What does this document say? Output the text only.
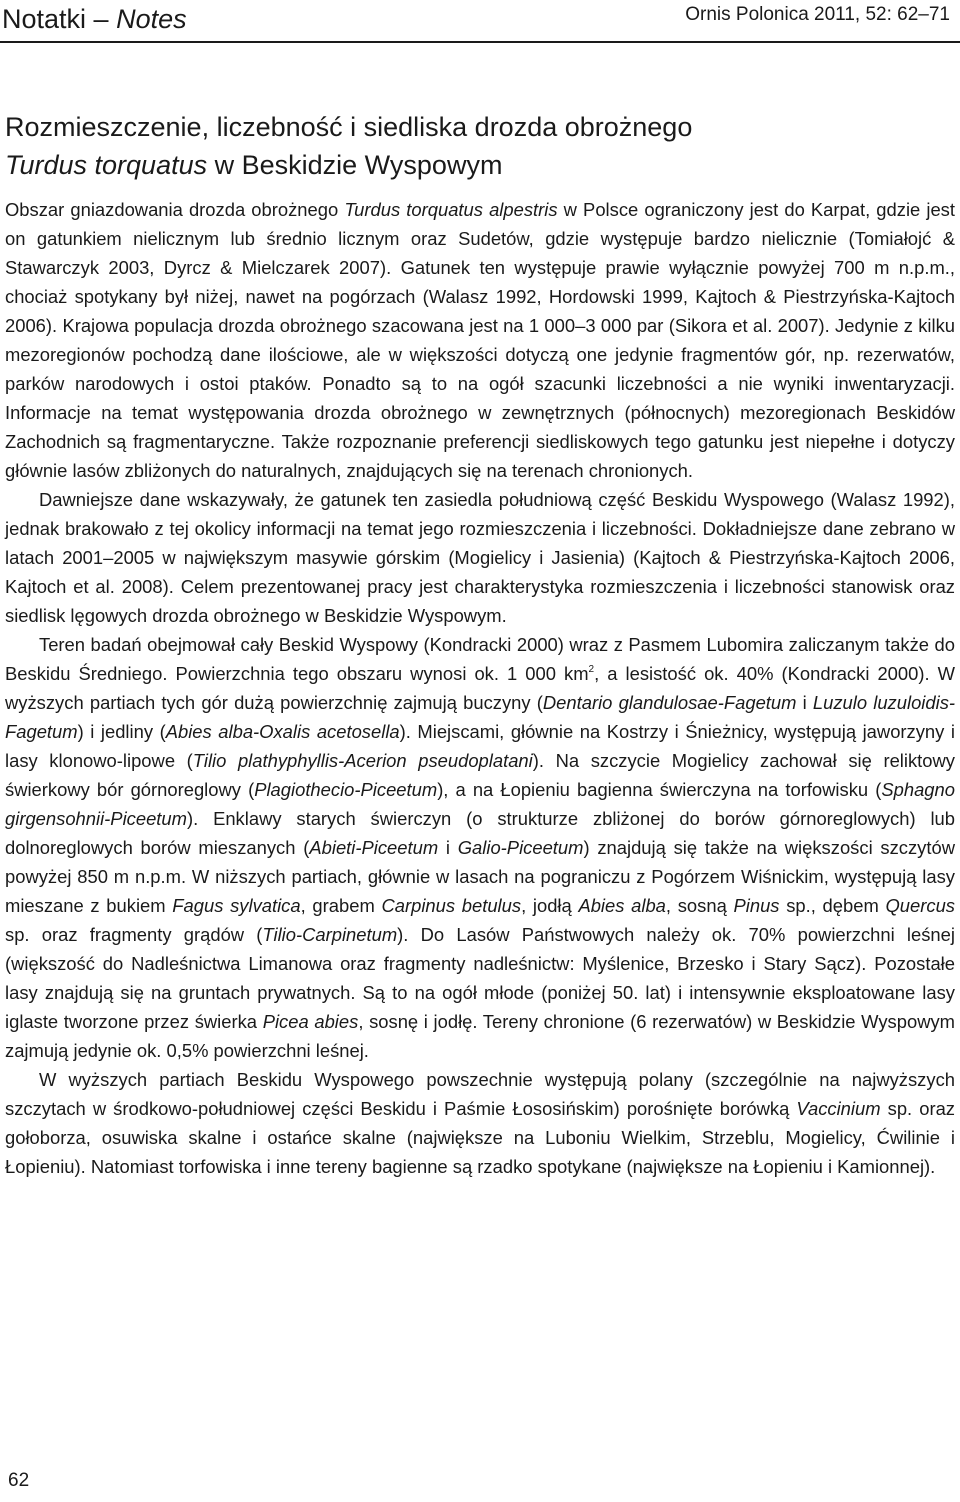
Notatki – Notes	Ornis Polonica 2011, 52: 62–71
Rozmieszczenie, liczebność i siedliska drozda obrożnego
Turdus torquatus w Beskidzie Wyspowym

Obszar gniazdowania drozda obrożnego Turdus torquatus alpestris w Polsce ograniczony jest do Karpat, gdzie jest on gatunkiem nielicznym lub średnio licznym oraz Sudetów, gdzie występuje bardzo nielicznie (Tomiałojć & Stawarczyk 2003, Dyrcz & Mielczarek 2007). Gatunek ten występuje prawie wyłącznie powyżej 700 m n.p.m., chociaż spotykany był niżej, nawet na pogórzach (Walasz 1992, Hordowski 1999, Kajtoch & Piestrzyńska-Kajtoch 2006). Krajowa populacja drozda obrożnego szacowana jest na 1 000–3 000 par (Sikora et al. 2007). Jedynie z kilku mezoregionów pochodzą dane ilościowe, ale w większości dotyczą one jedynie fragmentów gór, np. rezerwatów, parków narodowych i ostoi ptaków. Ponadto są to na ogół szacunki liczebności a nie wyniki inwentaryzacji. Informacje na temat występowania drozda obrożnego w zewnętrznych (północnych) mezoregionach Beskidów Zachodnich są fragmentaryczne. Także rozpoznanie preferencji siedliskowych tego gatunku jest niepełne i dotyczy głównie lasów zbliżonych do naturalnych, znajdujących się na terenach chronionych.

Dawniejsze dane wskazywały, że gatunek ten zasiedla południową część Beskidu Wyspowego (Walasz 1992), jednak brakowało z tej okolicy informacji na temat jego rozmieszczenia i liczebności. Dokładniejsze dane zebrano w latach 2001–2005 w największym masywie górskim (Mogielicy i Jasienia) (Kajtoch & Piestrzyńska-Kajtoch 2006, Kajtoch et al. 2008). Celem prezentowanej pracy jest charakterystyka rozmieszczenia i liczebności stanowisk oraz siedlisk lęgowych drozda obrożnego w Beskidzie Wyspowym.

Teren badań obejmował cały Beskid Wyspowy (Kondracki 2000) wraz z Pasmem Lubomira zaliczanym także do Beskidu Średniego. Powierzchnia tego obszaru wynosi ok. 1 000 $km^2$, a lesistość ok. 40% (Kondracki 2000). W wyższych partiach tych gór dużą powierzchnię zajmują buczyny (Dentario glandulosae-Fagetum i Luzulo luzuloidis-Fagetum) i jedliny (Abies alba-Oxalis acetosella). Miejscami, głównie na Kostrzy i Śnieżnicy, występują jaworzyny i lasy klonowo-lipowe (Tilio plathyphyllis-Acerion pseudoplatani). Na szczycie Mogielicy zachował się reliktowy świerkowy bór górnoreglowy (Plagiothecio-Piceetum), a na Łopieniu bagienna świerczyna na torfowisku (Sphagno girgensohnii-Piceetum). Enklawy starych świerczyn (o strukturze zbliżonej do borów górnoreglowych) lub dolnoreglowych borów mieszanych (Abieti-Piceetum i Galio-Piceetum) znajdują się także na większości szczytów powyżej 850 m n.p.m. W niższych partiach, głównie w lasach na pograniczu z Pogórzem Wiśnickim, występują lasy mieszane z bukiem Fagus sylvatica, grabem Carpinus betulus, jodłą Abies alba, sosną Pinus sp., dębem Quercus sp. oraz fragmenty grądów (Tilio-Carpinetum). Do Lasów Państwowych należy ok. 70% powierzchni leśnej (większość do Nadleśnictwa Limanowa oraz fragmenty nadleśnictw: Myślenice, Brzesko i Stary Sącz). Pozostałe lasy znajdują się na gruntach prywatnych. Są to na ogół młode (poniżej 50. lat) i intensywnie eksploatowane lasy iglaste tworzone przez świerka Picea abies, sosnę i jodłę. Tereny chronione (6 rezerwatów) w Beskidzie Wyspowym zajmują jedynie ok. 0,5% powierzchni leśnej.

W wyższych partiach Beskidu Wyspowego powszechnie występują polany (szczególnie na najwyższych szczytach w środkowo-południowej części Beskidu i Paśmie Łososińskim) porośnięte borówką Vaccinium sp. oraz gołoborza, osuwiska skalne i ostańce skalne (największe na Luboniu Wielkim, Strzeblu, Mogielicy, Ćwilinie i Łopieniu). Natomiast torfowiska i inne tereny bagienne są rzadko spotykane (największe na Łopieniu i Kamionnej).

62
